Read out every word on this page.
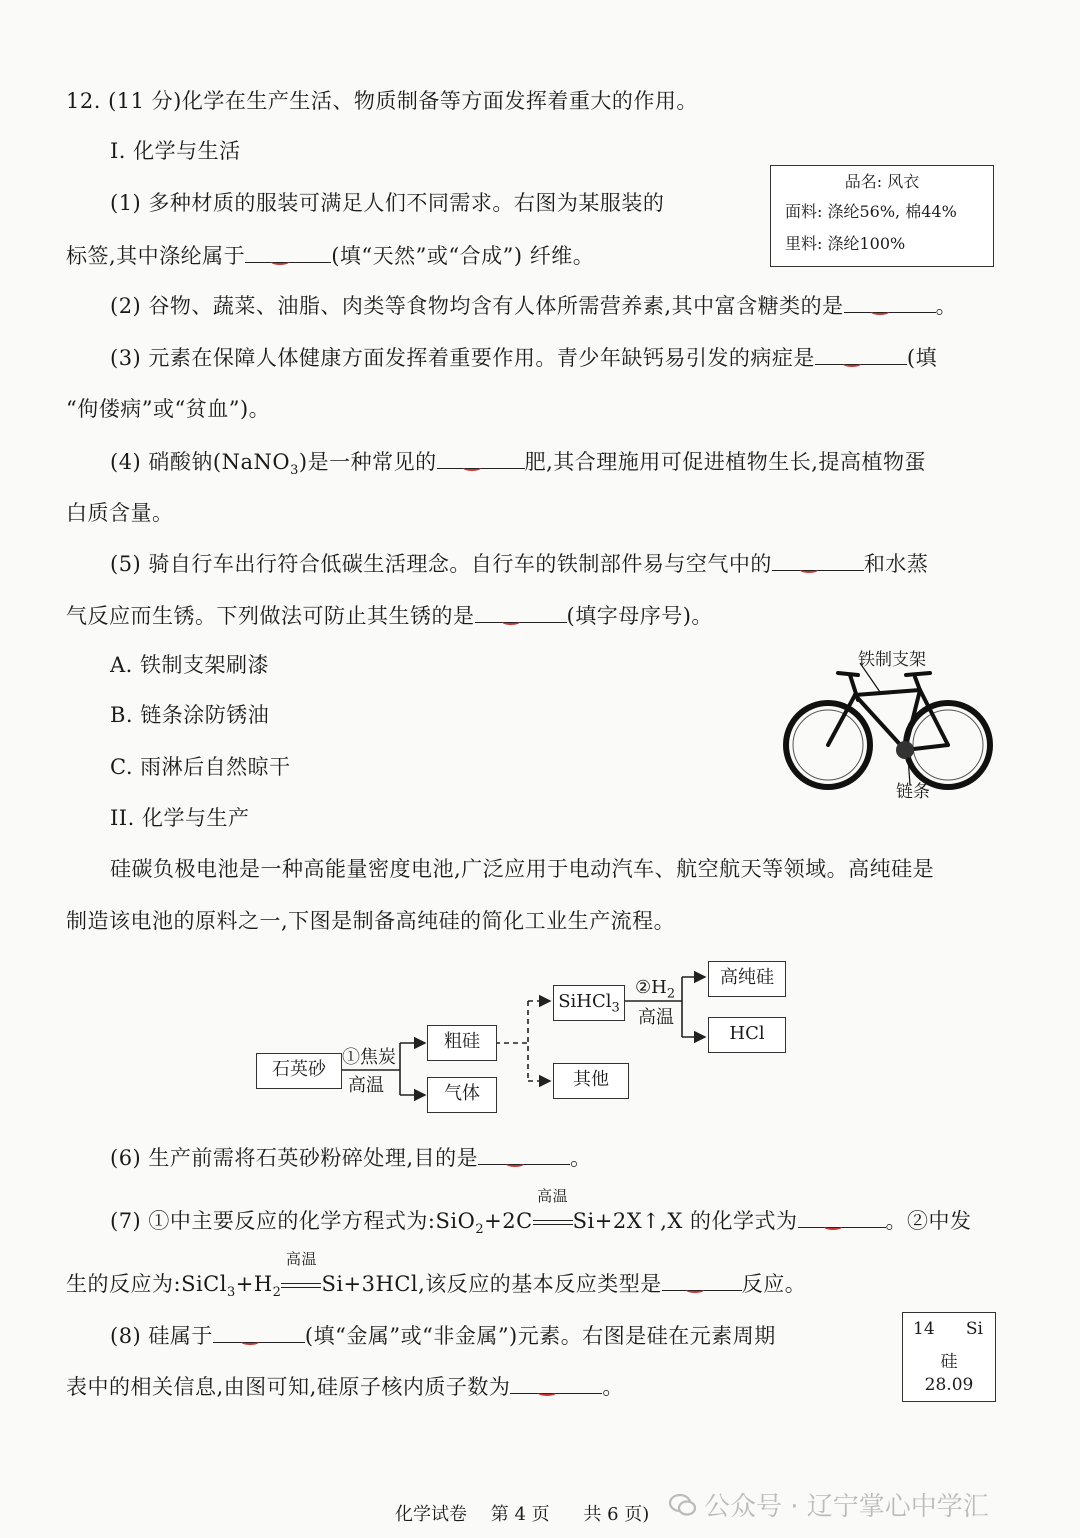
12. (11 分)化学在生产生活、物质制备等方面发挥着重大的作用。
I. 化学与生活
(1) 多种材质的服装可满足人们不同需求。右图为某服装的
标签,其中涤纶属于	(填“天然”或“合成”) 纤维。
品名: 风衣
面料: 涤纶56%, 棉44%
里料: 涤纶100%
(2) 谷物、蔬菜、油脂、肉类等食物均含有人体所需营养素,其中富含糖类的是	。
(3) 元素在保障人体健康方面发挥着重要作用。青少年缺钙易引发的病症是	(填
“佝偻病”或“贫血”)。
(4) 硝酸钠(NaNO$_3$)是一种常见的	肥,其合理施用可促进植物生长,提高植物蛋
白质含量。
(5) 骑自行车出行符合低碳生活理念。自行车的铁制部件易与空气中的	和水蒸
气反应而生锈。下列做法可防止其生锈的是	(填字母序号)。
A. 铁制支架刷漆
B. 链条涂防锈油
C. 雨淋后自然晾干
铁制支架
链条
II. 化学与生产
硅碳负极电池是一种高能量密度电池,广泛应用于电动汽车、航空航天等领域。高纯硅是
制造该电池的原料之一,下图是制备高纯硅的简化工业生产流程。
石英砂
①焦炭
高温
粗硅
气体
SiHCl$_3$
其他
$②H_2$
高温
高纯硅
HCl
(6) 生产前需将石英砂粉碎处理,目的是	。
(7) ①中主要反应的化学方程式为:SiO$_2$+2C
高温
Si+2X↑,X 的化学式为	。②中发
生的反应为$:SiCl_3+H_2$
高温
Si+3HCl,该反应的基本反应类型是	反应。
(8) 硅属于	(填“金属”或“非金属”)元素。右图是硅在元素周期
表中的相关信息,由图可知,硅原子核内质子数为	。
14 Si
硅
28.09
化学试卷 第 4 页 共 6 页) 公众号 · 辽宁掌心中学汇
